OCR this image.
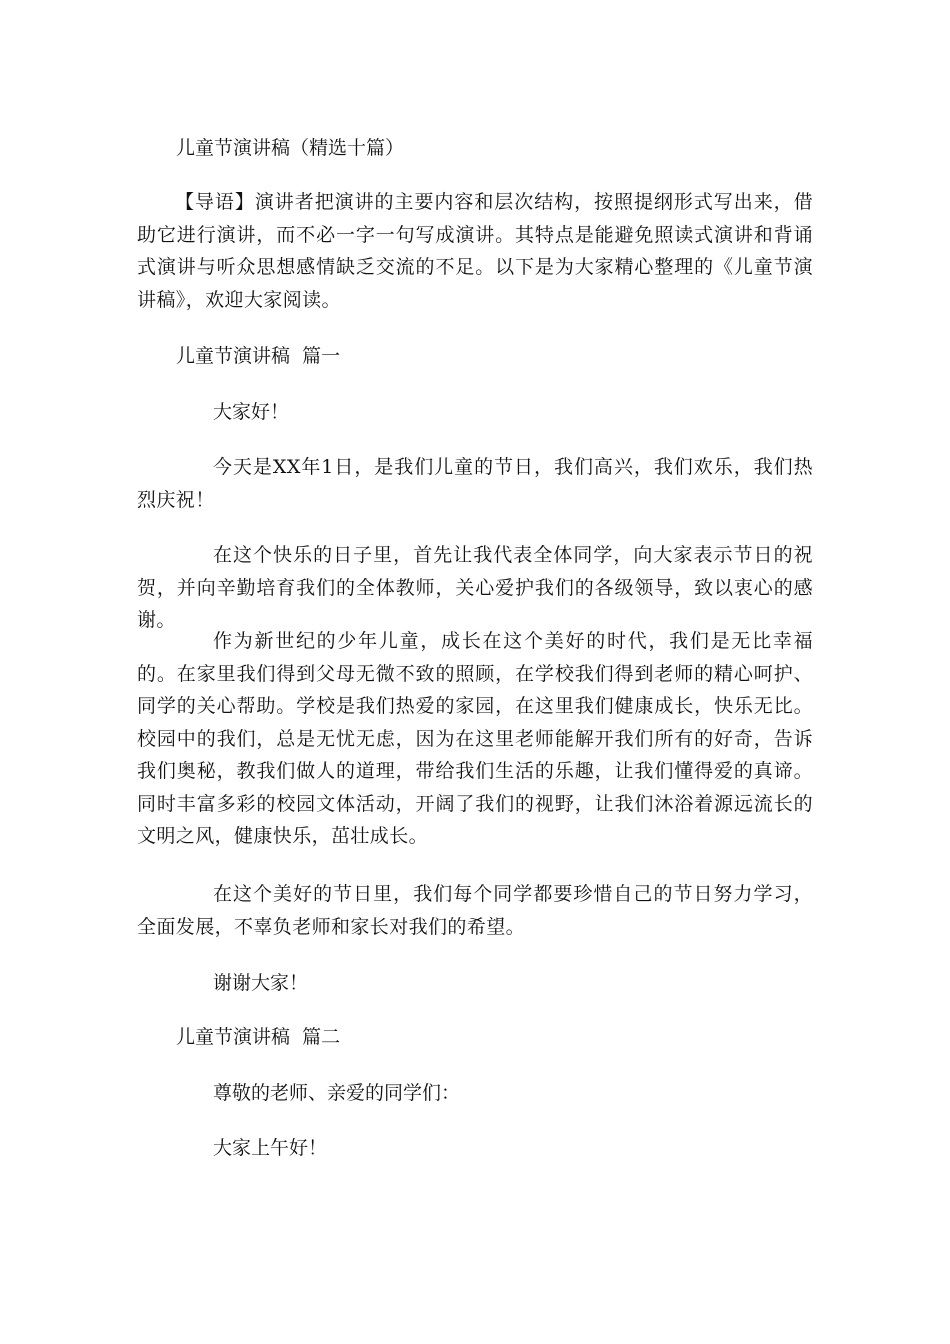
儿童节演讲稿（精选十篇）

【导语】演讲者把演讲的主要内容和层次结构，按照提纲形式写出来，借助它进行演讲，而不必一字一句写成演讲。其特点是能避免照读式演讲和背诵式演讲与听众思想感情缺乏交流的不足。以下是为大家精心整理的《儿童节演讲稿》，欢迎大家阅读。

儿童节演讲稿  篇一
大家好！

今天是XX年1日，是我们儿童的节日，我们高兴，我们欢乐，我们热烈庆祝！

在这个快乐的日子里，首先让我代表全体同学，向大家表示节日的祝贺，并向辛勤培育我们的全体教师，关心爱护我们的各级领导，致以衷心的感谢。

作为新世纪的少年儿童，成长在这个美好的时代，我们是无比幸福的。在家里我们得到父母无微不致的照顾，在学校我们得到老师的精心呵护、同学的关心帮助。学校是我们热爱的家园，在这里我们健康成长，快乐无比。校园中的我们，总是无忧无虑，因为在这里老师能解开我们所有的好奇，告诉我们奥秘，教我们做人的道理，带给我们生活的乐趣，让我们懂得爱的真谛。同时丰富多彩的校园文体活动，开阔了我们的视野，让我们沐浴着源远流长的文明之风，健康快乐，茁壮成长。

在这个美好的节日里，我们每个同学都要珍惜自己的节日努力学习，全面发展，不辜负老师和家长对我们的希望。

谢谢大家！
儿童节演讲稿  篇二
尊敬的老师、亲爱的同学们：
大家上午好！
